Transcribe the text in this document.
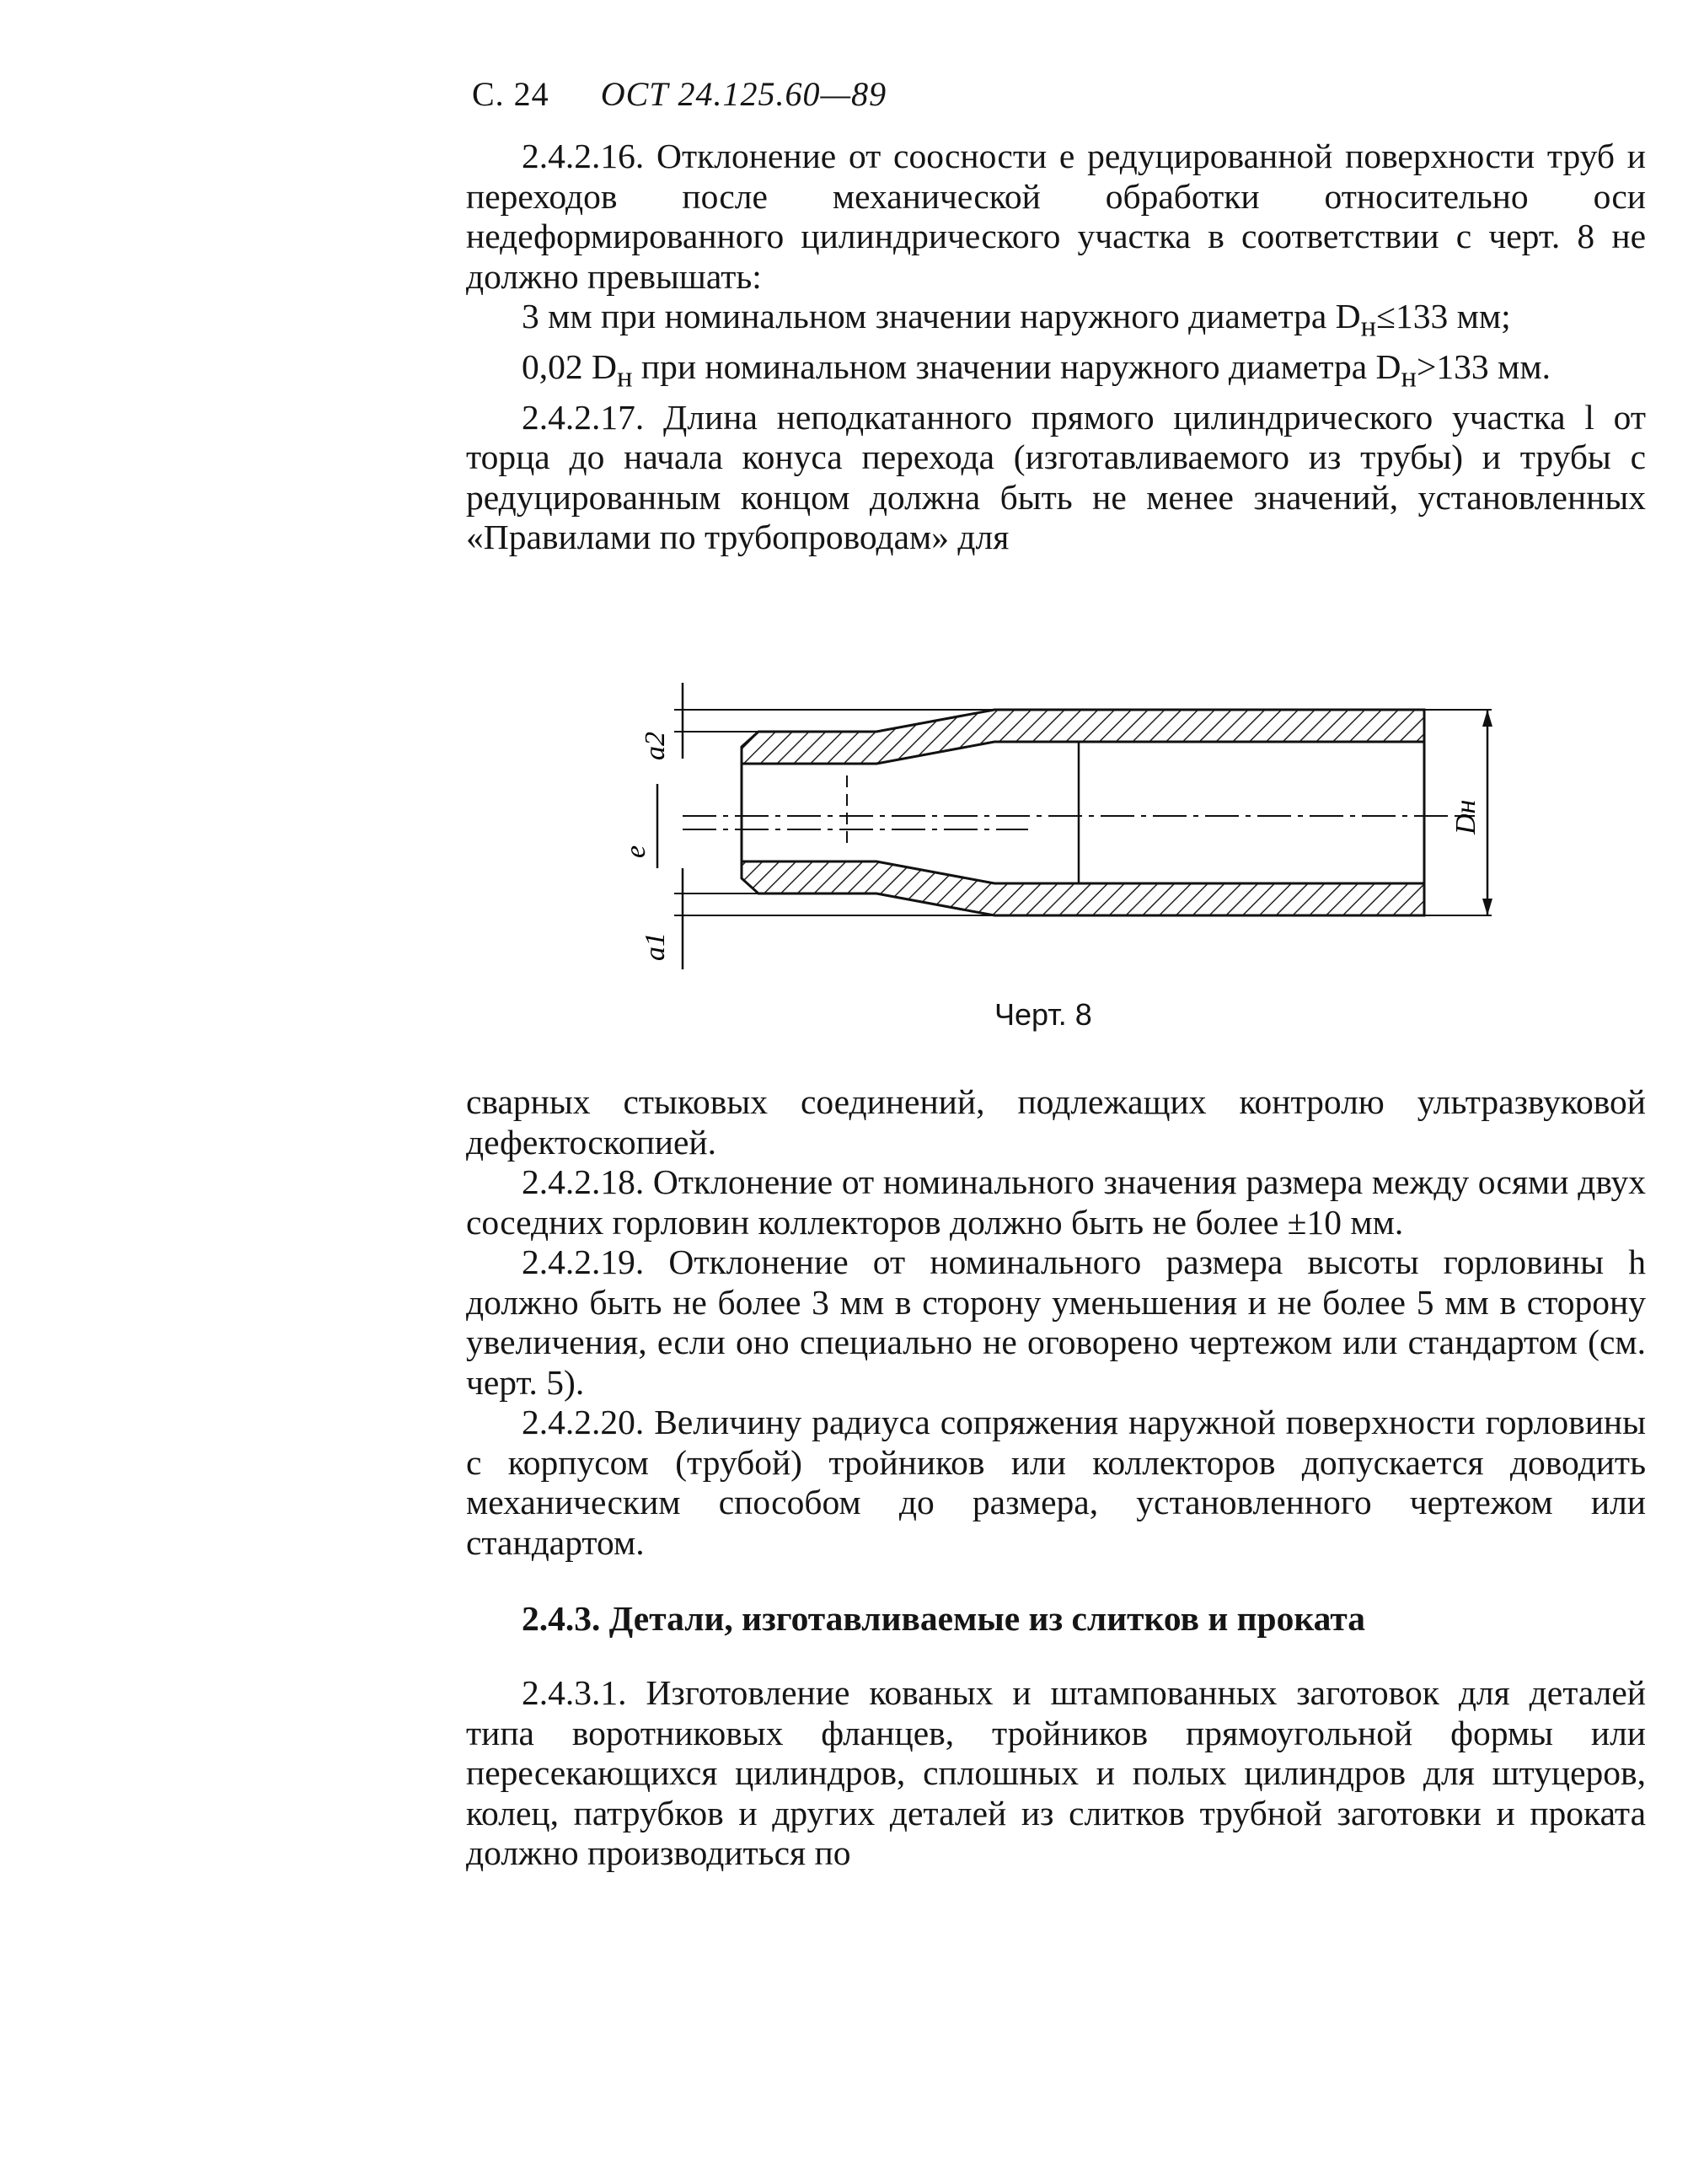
С. 24 ОСТ 24.125.60—89

2.4.2.16. Отклонение от соосности e редуцированной поверхности труб и переходов после механической обработки относительно оси недеформированного цилиндрического участка в соответствии с черт. 8 не должно превышать:

3 мм при номинальном значении наружного диаметра $D_н\le 133$ мм;

0,02 $D_н$ при номинальном значении наружного диаметра $D_н>133$ мм.

2.4.2.17. Длина неподкатанного прямого цилиндрического участка l от торца до начала конуса перехода (изготавливаемого из трубы) и трубы с редуцированным концом должна быть не менее значений, установленных «Правилами по трубопроводам» для

a2
e
a1
Dн
Черт. 8

сварных стыковых соединений, подлежащих контролю ультразвуковой дефектоскопией.

2.4.2.18. Отклонение от номинального значения размера между осями двух соседних горловин коллекторов должно быть не более ±10 мм.

2.4.2.19. Отклонение от номинального размера высоты горловины h должно быть не более 3 мм в сторону уменьшения и не более 5 мм в сторону увеличения, если оно специально не оговорено чертежом или стандартом (см. черт. 5).

2.4.2.20. Величину радиуса сопряжения наружной поверхности горловины с корпусом (трубой) тройников или коллекторов допускается доводить механическим способом до размера, установленного чертежом или стандартом.

2.4.3. Детали, изготавливаемые из слитков и проката

2.4.3.1. Изготовление кованых и штампованных заготовок для деталей типа воротниковых фланцев, тройников прямоугольной формы или пересекающихся цилиндров, сплошных и полых цилиндров для штуцеров, колец, патрубков и других деталей из слитков трубной заготовки и проката должно производиться по
